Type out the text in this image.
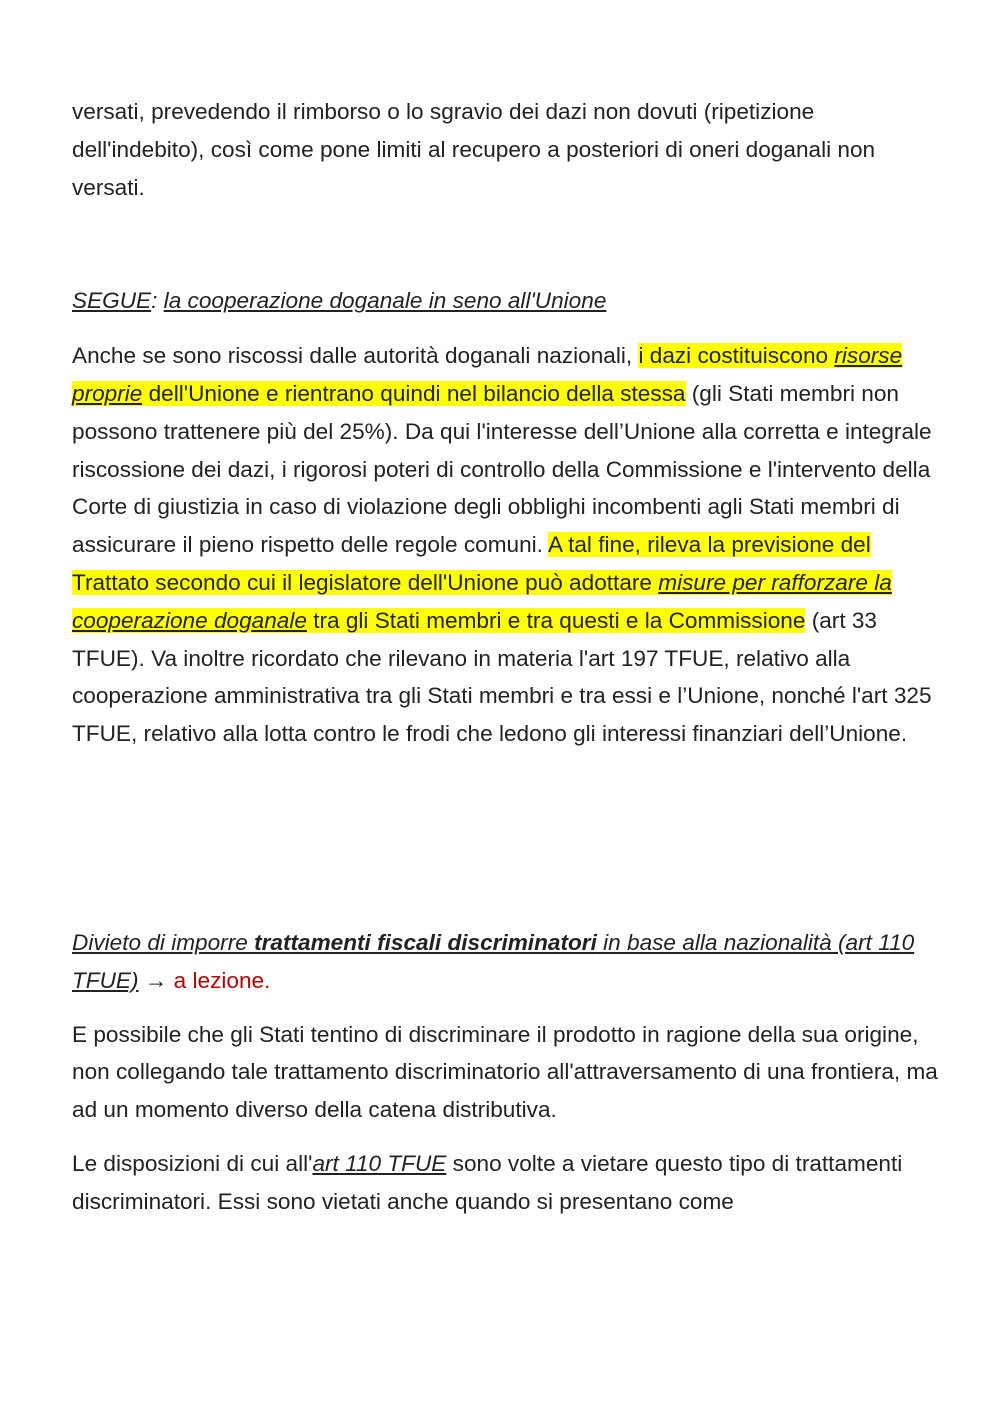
versati, prevedendo il rimborso o lo sgravio dei dazi non dovuti (ripetizione dell'indebito), così come pone limiti al recupero a posteriori di oneri doganali non versati.

SEGUE: la cooperazione doganale in seno all'Unione

Anche se sono riscossi dalle autorità doganali nazionali, i dazi costituiscono risorse proprie dell'Unione e rientrano quindi nel bilancio della stessa (gli Stati membri non possono trattenere più del 25%). Da qui l'interesse dell’Unione alla corretta e integrale riscossione dei dazi, i rigorosi poteri di controllo della Commissione e l'intervento della Corte di giustizia in caso di violazione degli obblighi incombenti agli Stati membri di assicurare il pieno rispetto delle regole comuni. A tal fine, rileva la previsione del Trattato secondo cui il legislatore dell'Unione può adottare misure per rafforzare la cooperazione doganale tra gli Stati membri e tra questi e la Commissione (art 33 TFUE). Va inoltre ricordato che rilevano in materia l'art 197 TFUE, relativo alla cooperazione amministrativa tra gli Stati membri e tra essi e l’Unione, nonché l'art 325 TFUE, relativo alla lotta contro le frodi che ledono gli interessi finanziari dell’Unione.

Divieto di imporre trattamenti fiscali discriminatori in base alla nazionalità (art 110 TFUE) → a lezione.

E possibile che gli Stati tentino di discriminare il prodotto in ragione della sua origine, non collegando tale trattamento discriminatorio all'attraversamento di una frontiera, ma ad un momento diverso della catena distributiva.

Le disposizioni di cui all'art 110 TFUE sono volte a vietare questo tipo di trattamenti discriminatori. Essi sono vietati anche quando si presentano come
